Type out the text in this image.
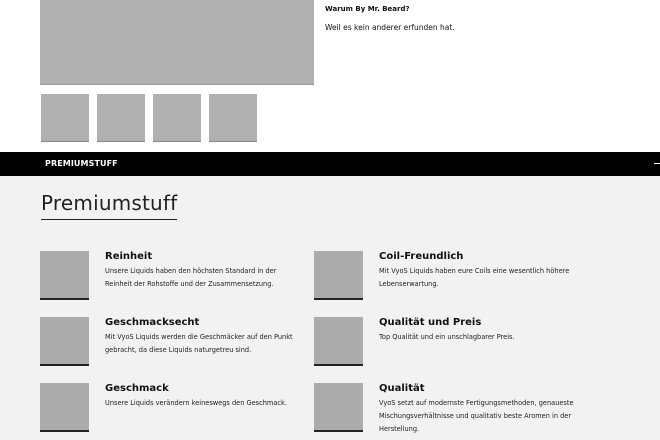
Warum By Mr. Beard?
Weil es kein anderer erfunden hat.
PREMIUMSTUFF
Premiumstuff
Reinheit
Unsere Liquids haben den höchsten Standard in der Reinheit der Rohstoffe und der Zusammensetzung.
Coil-Freundlich
Mit VyoS Liquids haben eure Coils eine wesentlich höhere Lebenserwartung.
Geschmacksecht
Mit VyoS Liquids werden die Geschmäcker auf den Punkt gebracht, da diese Liquids naturgetreu sind.
Qualität und Preis
Top Qualität und ein unschlagbarer Preis.
Geschmack
Unsere Liquids verändern keineswegs den Geschmack.
Qualität
VyoS setzt auf modernste Fertigungsmethoden, genaueste Mischungsverhältnisse und qualitativ beste Aromen in der Herstellung.
